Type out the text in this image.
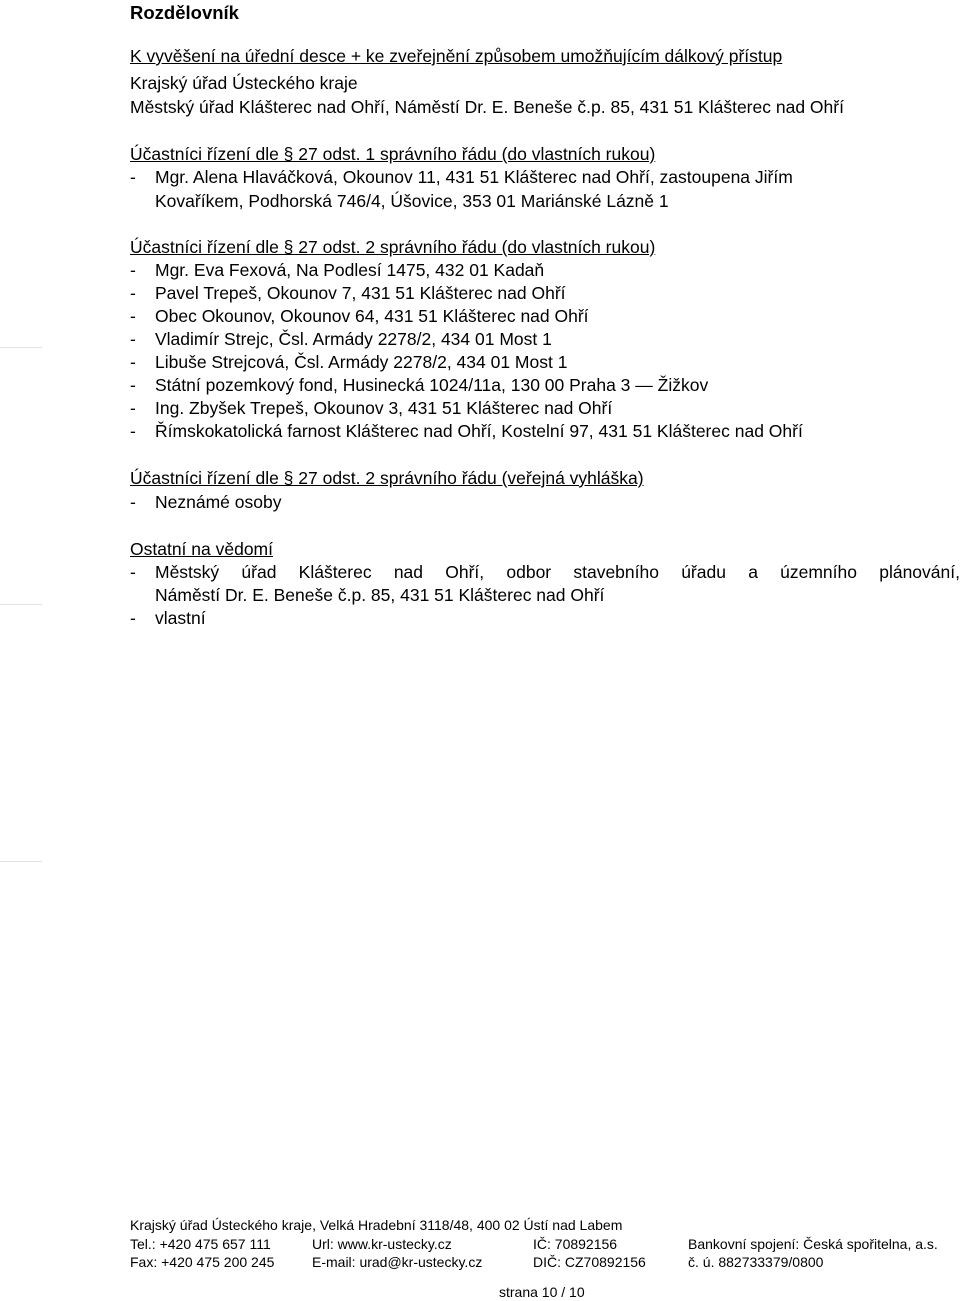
Rozdělovník
K vyvěšení na úřední desce + ke zveřejnění způsobem umožňujícím dálkový přístup
Krajský úřad Ústeckého kraje
Městský úřad Klášterec nad Ohří, Náměstí Dr. E. Beneše č.p. 85, 431 51 Klášterec nad Ohří
Účastníci řízení dle § 27 odst. 1 správního řádu (do vlastních rukou)
- Mgr. Alena Hlaváčková, Okounov 11, 431 51 Klášterec nad Ohří, zastoupena Jiřím
Kovaříkem, Podhorská 746/4, Úšovice, 353 01 Mariánské Lázně 1
Účastníci řízení dle § 27 odst. 2 správního řádu (do vlastních rukou)
- Mgr. Eva Fexová, Na Podlesí 1475, 432 01 Kadaň
- Pavel Trepeš, Okounov 7, 431 51 Klášterec nad Ohří
- Obec Okounov, Okounov 64, 431 51 Klášterec nad Ohří
- Vladimír Strejc, Čsl. Armády 2278/2, 434 01 Most 1
- Libuše Strejcová, Čsl. Armády 2278/2, 434 01 Most 1
- Státní pozemkový fond, Husinecká 1024/11a, 130 00 Praha 3 — Žižkov
- Ing. Zbyšek Trepeš, Okounov 3, 431 51 Klášterec nad Ohří
- Římskokatolická farnost Klášterec nad Ohří, Kostelní 97, 431 51 Klášterec nad Ohří
Účastníci řízení dle § 27 odst. 2 správního řádu (veřejná vyhláška)
- Neznámé osoby
Ostatní na vědomí
-	Městský úřad Klášterec nad Ohří, odbor stavebního úřadu a územního plánování,
Náměstí Dr. E. Beneše č.p. 85, 431 51 Klášterec nad Ohří
- vlastní
Krajský úřad Ústeckého kraje, Velká Hradební 3118/48, 400 02 Ústí nad Labem
Tel.: +420 475 657 111	Url: www.kr-ustecky.cz	IČ: 70892156	Bankovní spojení: Česká spořitelna, a.s.
Fax: +420 475 200 245	E-mail: urad@kr-ustecky.cz	DIČ: CZ70892156	č. ú. 882733379/0800
strana 10 / 10
